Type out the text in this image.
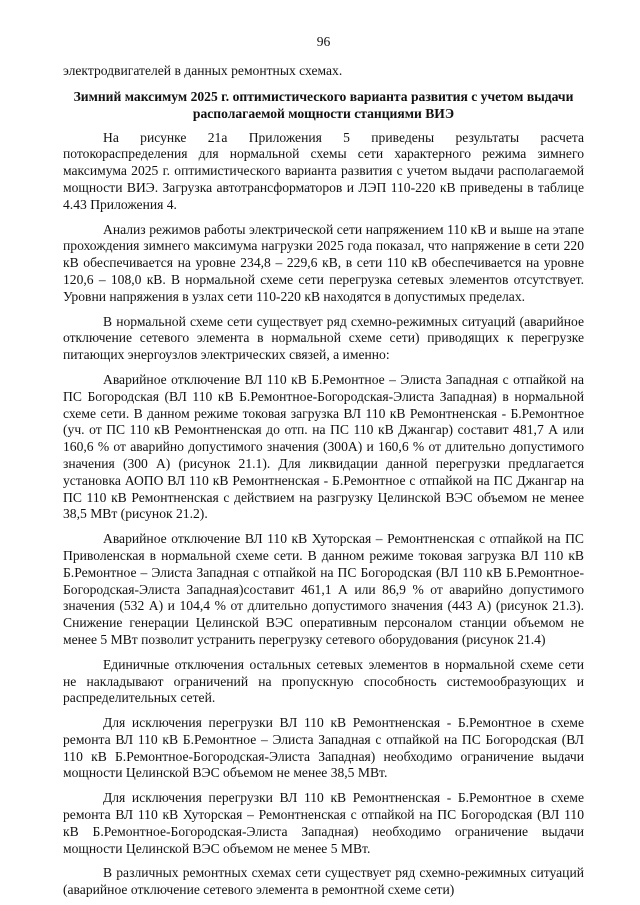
96

электродвигателей в данных ремонтных схемах.

Зимний максимум 2025 г. оптимистического варианта развития с учетом выдачи располагаемой мощности станциями ВИЭ

На рисунке 21а Приложения 5 приведены результаты расчета потокораспределения для нормальной схемы сети характерного режима зимнего максимума 2025 г. оптимистического варианта развития с учетом выдачи располагаемой мощности ВИЭ. Загрузка автотрансформаторов и ЛЭП 110-220 кВ приведены в таблице 4.43 Приложения 4.

Анализ режимов работы электрической сети напряжением 110 кВ и выше на этапе прохождения зимнего максимума нагрузки 2025 года показал, что напряжение в сети 220 кВ обеспечивается на уровне 234,8 – 229,6 кВ, в сети 110 кВ обеспечивается на уровне 120,6 – 108,0 кВ. В нормальной схеме сети перегрузка сетевых элементов отсутствует. Уровни напряжения в узлах сети 110-220 кВ находятся в допустимых пределах.

В нормальной схеме сети существует ряд схемно-режимных ситуаций (аварийное отключение сетевого элемента в нормальной схеме сети) приводящих к перегрузке питающих энергоузлов электрических связей, а именно:

Аварийное отключение ВЛ 110 кВ Б.Ремонтное – Элиста Западная с отпайкой на ПС Богородская (ВЛ 110 кВ Б.Ремонтное-Богородская-Элиста Западная) в нормальной схеме сети. В данном режиме токовая загрузка ВЛ 110 кВ Ремонтненская - Б.Ремонтное (уч. от ПС 110 кВ Ремонтненская до отп. на ПС 110 кВ Джангар) составит 481,7 А или 160,6 % от аварийно допустимого значения (300А) и 160,6 % от длительно допустимого значения (300 А) (рисунок 21.1). Для ликвидации данной перегрузки предлагается установка АОПО ВЛ 110 кВ Ремонтненская - Б.Ремонтное с отпайкой на ПС Джангар на ПС 110 кВ Ремонтненская с действием на разгрузку Целинской ВЭС объемом не менее 38,5 МВт (рисунок 21.2).

Аварийное отключение ВЛ 110 кВ Хуторская – Ремонтненская с отпайкой на ПС Приволенская в нормальной схеме сети. В данном режиме токовая загрузка ВЛ 110 кВ Б.Ремонтное – Элиста Западная с отпайкой на ПС Богородская (ВЛ 110 кВ Б.Ремонтное-Богородская-Элиста Западная)составит 461,1 А или 86,9 % от аварийно допустимого значения (532 А) и 104,4 % от длительно допустимого значения (443 А) (рисунок 21.3). Снижение генерации Целинской ВЭС оперативным персоналом станции объемом не менее 5 МВт позволит устранить перегрузку сетевого оборудования (рисунок 21.4)

Единичные отключения остальных сетевых элементов в нормальной схеме сети не накладывают ограничений на пропускную способность системообразующих и распределительных сетей.

Для исключения перегрузки ВЛ 110 кВ Ремонтненская - Б.Ремонтное в схеме ремонта ВЛ 110 кВ Б.Ремонтное – Элиста Западная с отпайкой на ПС Богородская (ВЛ 110 кВ Б.Ремонтное-Богородская-Элиста Западная) необходимо ограничение выдачи мощности Целинской ВЭС объемом не менее 38,5 МВт.

Для исключения перегрузки ВЛ 110 кВ Ремонтненская - Б.Ремонтное в схеме ремонта ВЛ 110 кВ Хуторская – Ремонтненская с отпайкой на ПС Богородская (ВЛ 110 кВ Б.Ремонтное-Богородская-Элиста Западная) необходимо ограничение выдачи мощности Целинской ВЭС объемом не менее 5 МВт.

В различных ремонтных схемах сети существует ряд схемно-режимных ситуаций (аварийное отключение сетевого элемента в ремонтной схеме сети)
